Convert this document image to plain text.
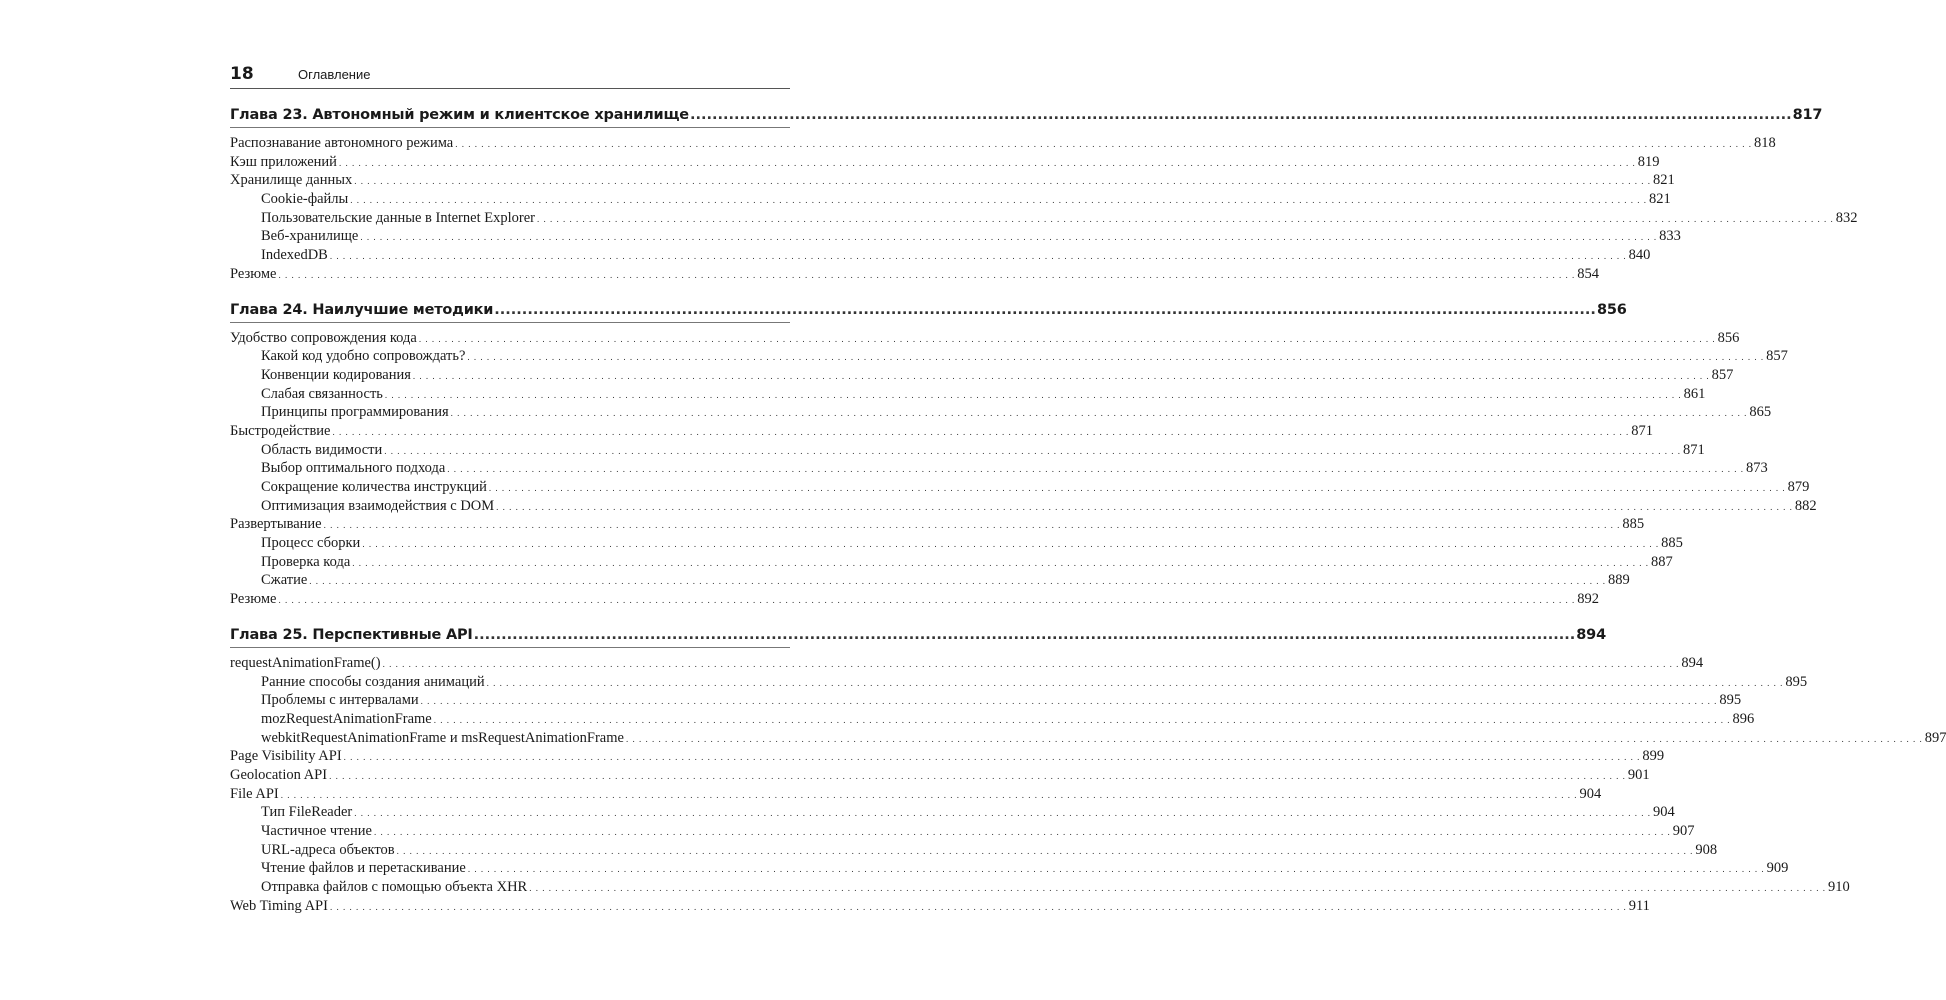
18	Оглавление
Глава 23. Автономный режим и клиентское хранилище ........................................................................................................................................................................................................ 817
Распознавание автономного режима . . . . . . . . . . . . . . . . . . . . . . . . . . . . . . . . . . . . . . . . . . . . . . . . . . . . . . . . . . . . . . . . . . . . . . . . . . . . . . . . . . . . . . . . . . . . . . . . . . . . . . . . . . . . . . . . . . . . . . . . . . . . . . . . . . . . . . . . . . . . . . . . . . . . . . . . . . . . . . . . . . . . . . . . . . . . . . . . . . . . . . . . . . . . . . . . . . . . . . . . 818
Кэш приложений . . . . . . . . . . . . . . . . . . . . . . . . . . . . . . . . . . . . . . . . . . . . . . . . . . . . . . . . . . . . . . . . . . . . . . . . . . . . . . . . . . . . . . . . . . . . . . . . . . . . . . . . . . . . . . . . . . . . . . . . . . . . . . . . . . . . . . . . . . . . . . . . . . . . . . . . . . . . . . . . . . . . . . . . . . . . . . . . . . . . . . . . . . . . . . . . . . . . . . . . 819
Хранилище данных . . . . . . . . . . . . . . . . . . . . . . . . . . . . . . . . . . . . . . . . . . . . . . . . . . . . . . . . . . . . . . . . . . . . . . . . . . . . . . . . . . . . . . . . . . . . . . . . . . . . . . . . . . . . . . . . . . . . . . . . . . . . . . . . . . . . . . . . . . . . . . . . . . . . . . . . . . . . . . . . . . . . . . . . . . . . . . . . . . . . . . . . . . . . . . . . . . . . . . . . 821
Cookie-файлы . . . . . . . . . . . . . . . . . . . . . . . . . . . . . . . . . . . . . . . . . . . . . . . . . . . . . . . . . . . . . . . . . . . . . . . . . . . . . . . . . . . . . . . . . . . . . . . . . . . . . . . . . . . . . . . . . . . . . . . . . . . . . . . . . . . . . . . . . . . . . . . . . . . . . . . . . . . . . . . . . . . . . . . . . . . . . . . . . . . . . . . . . . . . . . . . . . . . . . . . 821
Пользовательские данные в Internet Explorer . . . . . . . . . . . . . . . . . . . . . . . . . . . . . . . . . . . . . . . . . . . . . . . . . . . . . . . . . . . . . . . . . . . . . . . . . . . . . . . . . . . . . . . . . . . . . . . . . . . . . . . . . . . . . . . . . . . . . . . . . . . . . . . . . . . . . . . . . . . . . . . . . . . . . . . . . . . . . . . . . . . . . . . . . . . . . . . . . . . . . . . . . . . . . . . . . . . . . . . . 832
Веб-хранилище . . . . . . . . . . . . . . . . . . . . . . . . . . . . . . . . . . . . . . . . . . . . . . . . . . . . . . . . . . . . . . . . . . . . . . . . . . . . . . . . . . . . . . . . . . . . . . . . . . . . . . . . . . . . . . . . . . . . . . . . . . . . . . . . . . . . . . . . . . . . . . . . . . . . . . . . . . . . . . . . . . . . . . . . . . . . . . . . . . . . . . . . . . . . . . . . . . . . . . . . 833
IndexedDB . . . . . . . . . . . . . . . . . . . . . . . . . . . . . . . . . . . . . . . . . . . . . . . . . . . . . . . . . . . . . . . . . . . . . . . . . . . . . . . . . . . . . . . . . . . . . . . . . . . . . . . . . . . . . . . . . . . . . . . . . . . . . . . . . . . . . . . . . . . . . . . . . . . . . . . . . . . . . . . . . . . . . . . . . . . . . . . . . . . . . . . . . . . . . . . . . . . . . . . . 840
Резюме . . . . . . . . . . . . . . . . . . . . . . . . . . . . . . . . . . . . . . . . . . . . . . . . . . . . . . . . . . . . . . . . . . . . . . . . . . . . . . . . . . . . . . . . . . . . . . . . . . . . . . . . . . . . . . . . . . . . . . . . . . . . . . . . . . . . . . . . . . . . . . . . . . . . . . . . . . . . . . . . . . . . . . . . . . . . . . . . . . . . . . . . . . . . . . . . . . . . . . . . 854
Глава 24. Наилучшие методики ........................................................................................................................................................................................................ 856
Удобство сопровождения кода . . . . . . . . . . . . . . . . . . . . . . . . . . . . . . . . . . . . . . . . . . . . . . . . . . . . . . . . . . . . . . . . . . . . . . . . . . . . . . . . . . . . . . . . . . . . . . . . . . . . . . . . . . . . . . . . . . . . . . . . . . . . . . . . . . . . . . . . . . . . . . . . . . . . . . . . . . . . . . . . . . . . . . . . . . . . . . . . . . . . . . . . . . . . . . . . . . . . . . . . 856
Какой код удобно сопровождать? . . . . . . . . . . . . . . . . . . . . . . . . . . . . . . . . . . . . . . . . . . . . . . . . . . . . . . . . . . . . . . . . . . . . . . . . . . . . . . . . . . . . . . . . . . . . . . . . . . . . . . . . . . . . . . . . . . . . . . . . . . . . . . . . . . . . . . . . . . . . . . . . . . . . . . . . . . . . . . . . . . . . . . . . . . . . . . . . . . . . . . . . . . . . . . . . . . . . . . . . 857
Конвенции кодирования . . . . . . . . . . . . . . . . . . . . . . . . . . . . . . . . . . . . . . . . . . . . . . . . . . . . . . . . . . . . . . . . . . . . . . . . . . . . . . . . . . . . . . . . . . . . . . . . . . . . . . . . . . . . . . . . . . . . . . . . . . . . . . . . . . . . . . . . . . . . . . . . . . . . . . . . . . . . . . . . . . . . . . . . . . . . . . . . . . . . . . . . . . . . . . . . . . . . . . . . 857
Слабая связанность . . . . . . . . . . . . . . . . . . . . . . . . . . . . . . . . . . . . . . . . . . . . . . . . . . . . . . . . . . . . . . . . . . . . . . . . . . . . . . . . . . . . . . . . . . . . . . . . . . . . . . . . . . . . . . . . . . . . . . . . . . . . . . . . . . . . . . . . . . . . . . . . . . . . . . . . . . . . . . . . . . . . . . . . . . . . . . . . . . . . . . . . . . . . . . . . . . . . . . . . 861
Принципы программирования . . . . . . . . . . . . . . . . . . . . . . . . . . . . . . . . . . . . . . . . . . . . . . . . . . . . . . . . . . . . . . . . . . . . . . . . . . . . . . . . . . . . . . . . . . . . . . . . . . . . . . . . . . . . . . . . . . . . . . . . . . . . . . . . . . . . . . . . . . . . . . . . . . . . . . . . . . . . . . . . . . . . . . . . . . . . . . . . . . . . . . . . . . . . . . . . . . . . . . . . 865
Быстродействие . . . . . . . . . . . . . . . . . . . . . . . . . . . . . . . . . . . . . . . . . . . . . . . . . . . . . . . . . . . . . . . . . . . . . . . . . . . . . . . . . . . . . . . . . . . . . . . . . . . . . . . . . . . . . . . . . . . . . . . . . . . . . . . . . . . . . . . . . . . . . . . . . . . . . . . . . . . . . . . . . . . . . . . . . . . . . . . . . . . . . . . . . . . . . . . . . . . . . . . . 871
Область видимости . . . . . . . . . . . . . . . . . . . . . . . . . . . . . . . . . . . . . . . . . . . . . . . . . . . . . . . . . . . . . . . . . . . . . . . . . . . . . . . . . . . . . . . . . . . . . . . . . . . . . . . . . . . . . . . . . . . . . . . . . . . . . . . . . . . . . . . . . . . . . . . . . . . . . . . . . . . . . . . . . . . . . . . . . . . . . . . . . . . . . . . . . . . . . . . . . . . . . . . . 871
Выбор оптимального подхода . . . . . . . . . . . . . . . . . . . . . . . . . . . . . . . . . . . . . . . . . . . . . . . . . . . . . . . . . . . . . . . . . . . . . . . . . . . . . . . . . . . . . . . . . . . . . . . . . . . . . . . . . . . . . . . . . . . . . . . . . . . . . . . . . . . . . . . . . . . . . . . . . . . . . . . . . . . . . . . . . . . . . . . . . . . . . . . . . . . . . . . . . . . . . . . . . . . . . . . . 873
Сокращение количества инструкций . . . . . . . . . . . . . . . . . . . . . . . . . . . . . . . . . . . . . . . . . . . . . . . . . . . . . . . . . . . . . . . . . . . . . . . . . . . . . . . . . . . . . . . . . . . . . . . . . . . . . . . . . . . . . . . . . . . . . . . . . . . . . . . . . . . . . . . . . . . . . . . . . . . . . . . . . . . . . . . . . . . . . . . . . . . . . . . . . . . . . . . . . . . . . . . . . . . . . . . . 879
Оптимизация взаимодействия с DOM . . . . . . . . . . . . . . . . . . . . . . . . . . . . . . . . . . . . . . . . . . . . . . . . . . . . . . . . . . . . . . . . . . . . . . . . . . . . . . . . . . . . . . . . . . . . . . . . . . . . . . . . . . . . . . . . . . . . . . . . . . . . . . . . . . . . . . . . . . . . . . . . . . . . . . . . . . . . . . . . . . . . . . . . . . . . . . . . . . . . . . . . . . . . . . . . . . . . . . . . 882
Развертывание . . . . . . . . . . . . . . . . . . . . . . . . . . . . . . . . . . . . . . . . . . . . . . . . . . . . . . . . . . . . . . . . . . . . . . . . . . . . . . . . . . . . . . . . . . . . . . . . . . . . . . . . . . . . . . . . . . . . . . . . . . . . . . . . . . . . . . . . . . . . . . . . . . . . . . . . . . . . . . . . . . . . . . . . . . . . . . . . . . . . . . . . . . . . . . . . . . . . . . . . 885
Процесс сборки . . . . . . . . . . . . . . . . . . . . . . . . . . . . . . . . . . . . . . . . . . . . . . . . . . . . . . . . . . . . . . . . . . . . . . . . . . . . . . . . . . . . . . . . . . . . . . . . . . . . . . . . . . . . . . . . . . . . . . . . . . . . . . . . . . . . . . . . . . . . . . . . . . . . . . . . . . . . . . . . . . . . . . . . . . . . . . . . . . . . . . . . . . . . . . . . . . . . . . . . 885
Проверка кода . . . . . . . . . . . . . . . . . . . . . . . . . . . . . . . . . . . . . . . . . . . . . . . . . . . . . . . . . . . . . . . . . . . . . . . . . . . . . . . . . . . . . . . . . . . . . . . . . . . . . . . . . . . . . . . . . . . . . . . . . . . . . . . . . . . . . . . . . . . . . . . . . . . . . . . . . . . . . . . . . . . . . . . . . . . . . . . . . . . . . . . . . . . . . . . . . . . . . . . . 887
Сжатие . . . . . . . . . . . . . . . . . . . . . . . . . . . . . . . . . . . . . . . . . . . . . . . . . . . . . . . . . . . . . . . . . . . . . . . . . . . . . . . . . . . . . . . . . . . . . . . . . . . . . . . . . . . . . . . . . . . . . . . . . . . . . . . . . . . . . . . . . . . . . . . . . . . . . . . . . . . . . . . . . . . . . . . . . . . . . . . . . . . . . . . . . . . . . . . . . . . . . . . . 889
Резюме . . . . . . . . . . . . . . . . . . . . . . . . . . . . . . . . . . . . . . . . . . . . . . . . . . . . . . . . . . . . . . . . . . . . . . . . . . . . . . . . . . . . . . . . . . . . . . . . . . . . . . . . . . . . . . . . . . . . . . . . . . . . . . . . . . . . . . . . . . . . . . . . . . . . . . . . . . . . . . . . . . . . . . . . . . . . . . . . . . . . . . . . . . . . . . . . . . . . . . . . 892
Глава 25. Перспективные API ........................................................................................................................................................................................................ 894
requestAnimationFrame() . . . . . . . . . . . . . . . . . . . . . . . . . . . . . . . . . . . . . . . . . . . . . . . . . . . . . . . . . . . . . . . . . . . . . . . . . . . . . . . . . . . . . . . . . . . . . . . . . . . . . . . . . . . . . . . . . . . . . . . . . . . . . . . . . . . . . . . . . . . . . . . . . . . . . . . . . . . . . . . . . . . . . . . . . . . . . . . . . . . . . . . . . . . . . . . . . . . . . . . . 894
Ранние способы создания анимаций . . . . . . . . . . . . . . . . . . . . . . . . . . . . . . . . . . . . . . . . . . . . . . . . . . . . . . . . . . . . . . . . . . . . . . . . . . . . . . . . . . . . . . . . . . . . . . . . . . . . . . . . . . . . . . . . . . . . . . . . . . . . . . . . . . . . . . . . . . . . . . . . . . . . . . . . . . . . . . . . . . . . . . . . . . . . . . . . . . . . . . . . . . . . . . . . . . . . . . . . 895
Проблемы с интервалами . . . . . . . . . . . . . . . . . . . . . . . . . . . . . . . . . . . . . . . . . . . . . . . . . . . . . . . . . . . . . . . . . . . . . . . . . . . . . . . . . . . . . . . . . . . . . . . . . . . . . . . . . . . . . . . . . . . . . . . . . . . . . . . . . . . . . . . . . . . . . . . . . . . . . . . . . . . . . . . . . . . . . . . . . . . . . . . . . . . . . . . . . . . . . . . . . . . . . . . . 895
mozRequestAnimationFrame . . . . . . . . . . . . . . . . . . . . . . . . . . . . . . . . . . . . . . . . . . . . . . . . . . . . . . . . . . . . . . . . . . . . . . . . . . . . . . . . . . . . . . . . . . . . . . . . . . . . . . . . . . . . . . . . . . . . . . . . . . . . . . . . . . . . . . . . . . . . . . . . . . . . . . . . . . . . . . . . . . . . . . . . . . . . . . . . . . . . . . . . . . . . . . . . . . . . . . . . 896
webkitRequestAnimationFrame и msRequestAnimationFrame . . . . . . . . . . . . . . . . . . . . . . . . . . . . . . . . . . . . . . . . . . . . . . . . . . . . . . . . . . . . . . . . . . . . . . . . . . . . . . . . . . . . . . . . . . . . . . . . . . . . . . . . . . . . . . . . . . . . . . . . . . . . . . . . . . . . . . . . . . . . . . . . . . . . . . . . . . . . . . . . . . . . . . . . . . . . . . . . . . . . . . . . . . . . . . . . . . . . . . . . 897
Page Visibility API . . . . . . . . . . . . . . . . . . . . . . . . . . . . . . . . . . . . . . . . . . . . . . . . . . . . . . . . . . . . . . . . . . . . . . . . . . . . . . . . . . . . . . . . . . . . . . . . . . . . . . . . . . . . . . . . . . . . . . . . . . . . . . . . . . . . . . . . . . . . . . . . . . . . . . . . . . . . . . . . . . . . . . . . . . . . . . . . . . . . . . . . . . . . . . . . . . . . . . . . 899
Geolocation API . . . . . . . . . . . . . . . . . . . . . . . . . . . . . . . . . . . . . . . . . . . . . . . . . . . . . . . . . . . . . . . . . . . . . . . . . . . . . . . . . . . . . . . . . . . . . . . . . . . . . . . . . . . . . . . . . . . . . . . . . . . . . . . . . . . . . . . . . . . . . . . . . . . . . . . . . . . . . . . . . . . . . . . . . . . . . . . . . . . . . . . . . . . . . . . . . . . . . . . . 901
File API . . . . . . . . . . . . . . . . . . . . . . . . . . . . . . . . . . . . . . . . . . . . . . . . . . . . . . . . . . . . . . . . . . . . . . . . . . . . . . . . . . . . . . . . . . . . . . . . . . . . . . . . . . . . . . . . . . . . . . . . . . . . . . . . . . . . . . . . . . . . . . . . . . . . . . . . . . . . . . . . . . . . . . . . . . . . . . . . . . . . . . . . . . . . . . . . . . . . . . . . 904
Тип FileReader . . . . . . . . . . . . . . . . . . . . . . . . . . . . . . . . . . . . . . . . . . . . . . . . . . . . . . . . . . . . . . . . . . . . . . . . . . . . . . . . . . . . . . . . . . . . . . . . . . . . . . . . . . . . . . . . . . . . . . . . . . . . . . . . . . . . . . . . . . . . . . . . . . . . . . . . . . . . . . . . . . . . . . . . . . . . . . . . . . . . . . . . . . . . . . . . . . . . . . . . 904
Частичное чтение . . . . . . . . . . . . . . . . . . . . . . . . . . . . . . . . . . . . . . . . . . . . . . . . . . . . . . . . . . . . . . . . . . . . . . . . . . . . . . . . . . . . . . . . . . . . . . . . . . . . . . . . . . . . . . . . . . . . . . . . . . . . . . . . . . . . . . . . . . . . . . . . . . . . . . . . . . . . . . . . . . . . . . . . . . . . . . . . . . . . . . . . . . . . . . . . . . . . . . . . 907
URL-адреса объектов . . . . . . . . . . . . . . . . . . . . . . . . . . . . . . . . . . . . . . . . . . . . . . . . . . . . . . . . . . . . . . . . . . . . . . . . . . . . . . . . . . . . . . . . . . . . . . . . . . . . . . . . . . . . . . . . . . . . . . . . . . . . . . . . . . . . . . . . . . . . . . . . . . . . . . . . . . . . . . . . . . . . . . . . . . . . . . . . . . . . . . . . . . . . . . . . . . . . . . . . 908
Чтение файлов и перетаскивание . . . . . . . . . . . . . . . . . . . . . . . . . . . . . . . . . . . . . . . . . . . . . . . . . . . . . . . . . . . . . . . . . . . . . . . . . . . . . . . . . . . . . . . . . . . . . . . . . . . . . . . . . . . . . . . . . . . . . . . . . . . . . . . . . . . . . . . . . . . . . . . . . . . . . . . . . . . . . . . . . . . . . . . . . . . . . . . . . . . . . . . . . . . . . . . . . . . . . . . . 909
Отправка файлов с помощью объекта XHR . . . . . . . . . . . . . . . . . . . . . . . . . . . . . . . . . . . . . . . . . . . . . . . . . . . . . . . . . . . . . . . . . . . . . . . . . . . . . . . . . . . . . . . . . . . . . . . . . . . . . . . . . . . . . . . . . . . . . . . . . . . . . . . . . . . . . . . . . . . . . . . . . . . . . . . . . . . . . . . . . . . . . . . . . . . . . . . . . . . . . . . . . . . . . . . . . . . . . . . . 910
Web Timing API . . . . . . . . . . . . . . . . . . . . . . . . . . . . . . . . . . . . . . . . . . . . . . . . . . . . . . . . . . . . . . . . . . . . . . . . . . . . . . . . . . . . . . . . . . . . . . . . . . . . . . . . . . . . . . . . . . . . . . . . . . . . . . . . . . . . . . . . . . . . . . . . . . . . . . . . . . . . . . . . . . . . . . . . . . . . . . . . . . . . . . . . . . . . . . . . . . . . . . . . 911
